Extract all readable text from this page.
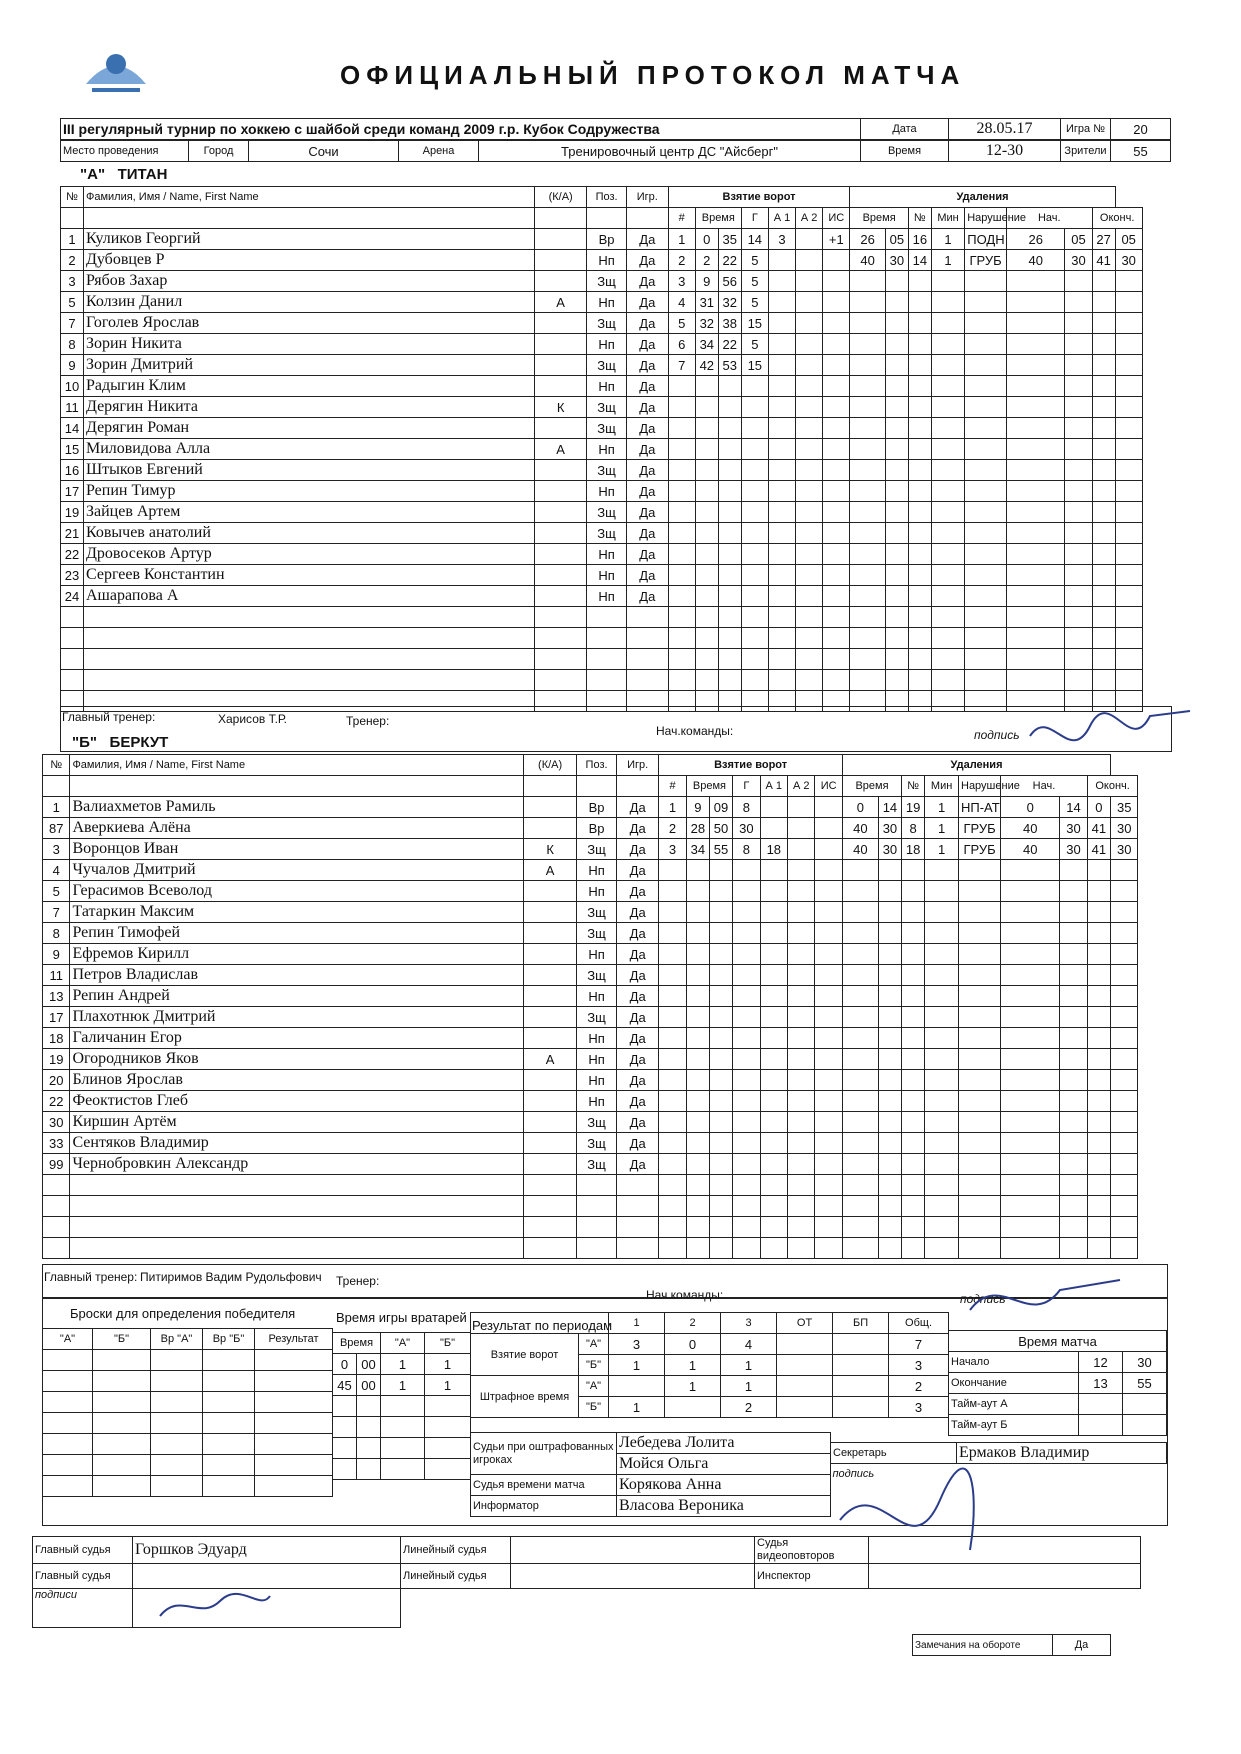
ОФИЦИАЛЬНЫЙ ПРОТОКОЛ МАТЧА
III регулярный турнир по хоккею с шайбой среди команд 2009 г.р. Кубок Содружества	Дата	28.05.17	Игра №	20
Место проведения	Город	Сочи	Арена	Тренировочный центр ДС "Айсберг"	Время	12-30	Зрители	55
"А" ТИТАН
№	Фамилия, Имя / Name, First Name	(К/А)	Поз.	Игр.	Взятие ворот							Удаления								
					#	Время		Г	А 1	А 2	ИС	Время		№	Мин	Нарушение	Нач.		Оконч.	
1	Куликов Георгий		Вр	Да	1	0	35	14	3		+1	26	05	16	1	ПОДН	26	05	27	05
2	Дубовцев Р		Нп	Да	2	2	22	5				40	30	14	1	ГРУБ	40	30	41	30
3	Рябов Захар		Зщ	Да	3	9	56	5												
5	Колзин Данил	А	Нп	Да	4	31	32	5												
7	Гоголев Ярослав		Зщ	Да	5	32	38	15												
8	Зорин Никита		Нп	Да	6	34	22	5												
9	Зорин Дмитрий		Зщ	Да	7	42	53	15												
10	Радыгин Клим		Нп	Да																
11	Дерягин Никита	К	Зщ	Да																
14	Дерягин Роман		Зщ	Да																
15	Миловидова Алла	А	Нп	Да																
16	Штыков Евгений		Зщ	Да																
17	Репин Тимур		Нп	Да																
19	Зайцев Артем		Зщ	Да																
21	Ковычев анатолий		Зщ	Да																
22	Дровосеков Артур		Нп	Да																
23	Сергеев Константин		Нп	Да																
24	Ашарапова А		Нп	Да																

Главный тренер:	Харисов Т.Р.	Тренер:
Нач.команды:	подпись
"Б" БЕРКУТ
№	Фамилия, Имя / Name, First Name	(К/А)	Поз.	Игр.	Взятие ворот							Удаления								
					#	Время		Г	А 1	А 2	ИС	Время		№	Мин	Нарушение	Нач.		Оконч.	
1	Валиахметов Рамиль		Вр	Да	1	9	09	8				0	14	19	1	НП-АТ	0	14	0	35
87	Аверкиева Алёна		Вр	Да	2	28	50	30				40	30	8	1	ГРУБ	40	30	41	30
3	Воронцов Иван	К	Зщ	Да	3	34	55	8	18			40	30	18	1	ГРУБ	40	30	41	30
4	Чучалов Дмитрий	А	Нп	Да																
5	Герасимов Всеволод		Нп	Да																
7	Татаркин Максим		Зщ	Да																
8	Репин Тимофей		Зщ	Да																
9	Ефремов Кирилл		Нп	Да																
11	Петров Владислав		Зщ	Да																
13	Репин Андрей		Нп	Да																
17	Плахотнюк Дмитрий		Зщ	Да																
18	Галичанин Егор		Нп	Да																
19	Огородников Яков	А	Нп	Да																
20	Блинов Ярослав		Нп	Да																
22	Феоктистов Глеб		Нп	Да																
30	Киршин Артём		Зщ	Да																
33	Сентяков Владимир		Зщ	Да																
99	Чернобровкин Александр		Зщ	Да																

Главный тренер: Питиримов Вадим Рудольфович Тренер:
Нач.команды:	подпись
Броски для определения победителя
"А"	"Б"	Вр "А"	Вр "Б"	Результат

Время игры вратарей
Время		"А"	"Б"
0	00	1	1
45	00	1	1

Результат по периодам
		1	2	3	ОТ	БП	Общ.
Взятие ворот	"А"	3	0	4			7
	"Б"	1	1	1			3
Штрафное время	"А"		1	1			2
	"Б"	1		2			3
Время матча		
Начало	12	30
Окончание	13	55
Тайм-аут А		
Тайм-аут Б		
Судьи при оштрафованных игроках	Лебедева Лолита
	Мойся Ольга
Судья времени матча	Корякова Анна
Информатор	Власова Вероника
Секретарь	Ермаков Владимир
подпись	
Главный судья	Горшков Эдуард	Линейный судья		Судья видеоповторов	
Главный судья		Линейный судья		Инспектор	
подписи					
Замечания на обороте	Да
